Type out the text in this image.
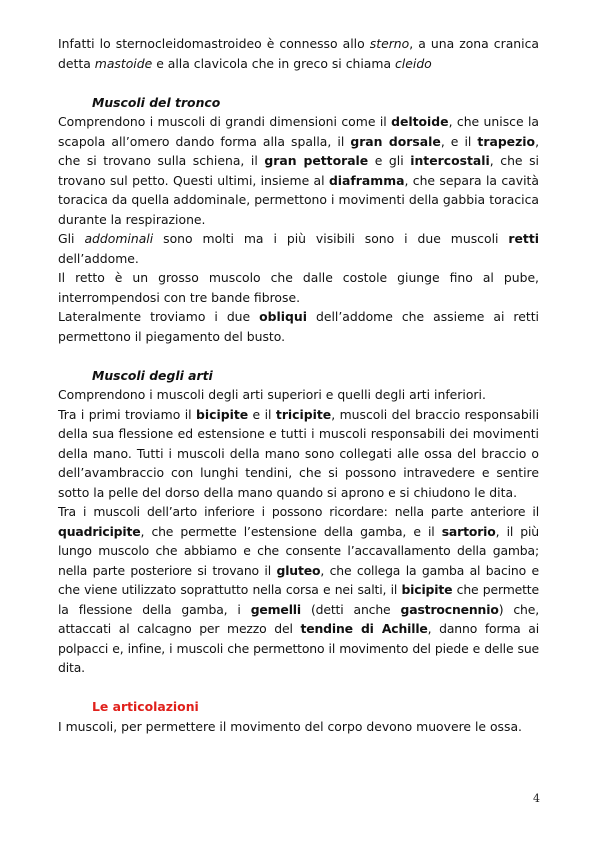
Infatti lo sternocleidomastroideo è connesso allo sterno, a una zona cranica detta mastoide e alla clavicola che in greco si chiama cleido

Muscoli del tronco

Comprendono i muscoli di grandi dimensioni come il deltoide, che unisce la scapola all’omero dando forma alla spalla, il gran dorsale, e il trapezio, che si trovano sulla schiena, il gran pettorale e gli intercostali, che si trovano sul petto. Questi ultimi, insieme al diaframma, che separa la cavità toracica da quella addominale, permettono i movimenti della gabbia toracica durante la respirazione.

Gli addominali sono molti ma i più visibili sono i due muscoli retti dell’addome.

Il retto è un grosso muscolo che dalle costole giunge fino al pube, interrompendosi con tre bande fibrose.

Lateralmente troviamo i due obliqui dell’addome che assieme ai retti permettono il piegamento del busto.

Muscoli degli arti

Comprendono i muscoli degli arti superiori e quelli degli arti inferiori.

Tra i primi troviamo il bicipite e il tricipite, muscoli del braccio responsabili della sua flessione ed estensione e tutti i muscoli responsabili dei movimenti della mano. Tutti i muscoli della mano sono collegati alle ossa del braccio o dell’avambraccio con lunghi tendini, che si possono intravedere e sentire sotto la pelle del dorso della mano quando si aprono e si chiudono le dita.

Tra i muscoli dell’arto inferiore i possono ricordare: nella parte anteriore il quadricipite, che permette l’estensione della gamba, e il sartorio, il più lungo muscolo che abbiamo e che consente l’accavallamento della gamba; nella parte posteriore si trovano il gluteo, che collega la gamba al bacino e che viene utilizzato soprattutto nella corsa e nei salti, il bicipite che permette la flessione della gamba, i gemelli (detti anche gastrocnennio) che, attaccati al calcagno per mezzo del tendine di Achille, danno forma ai polpacci e, infine, i muscoli che permettono il movimento del piede e delle sue dita.

Le articolazioni

I muscoli, per permettere il movimento del corpo devono muovere le ossa.

4
